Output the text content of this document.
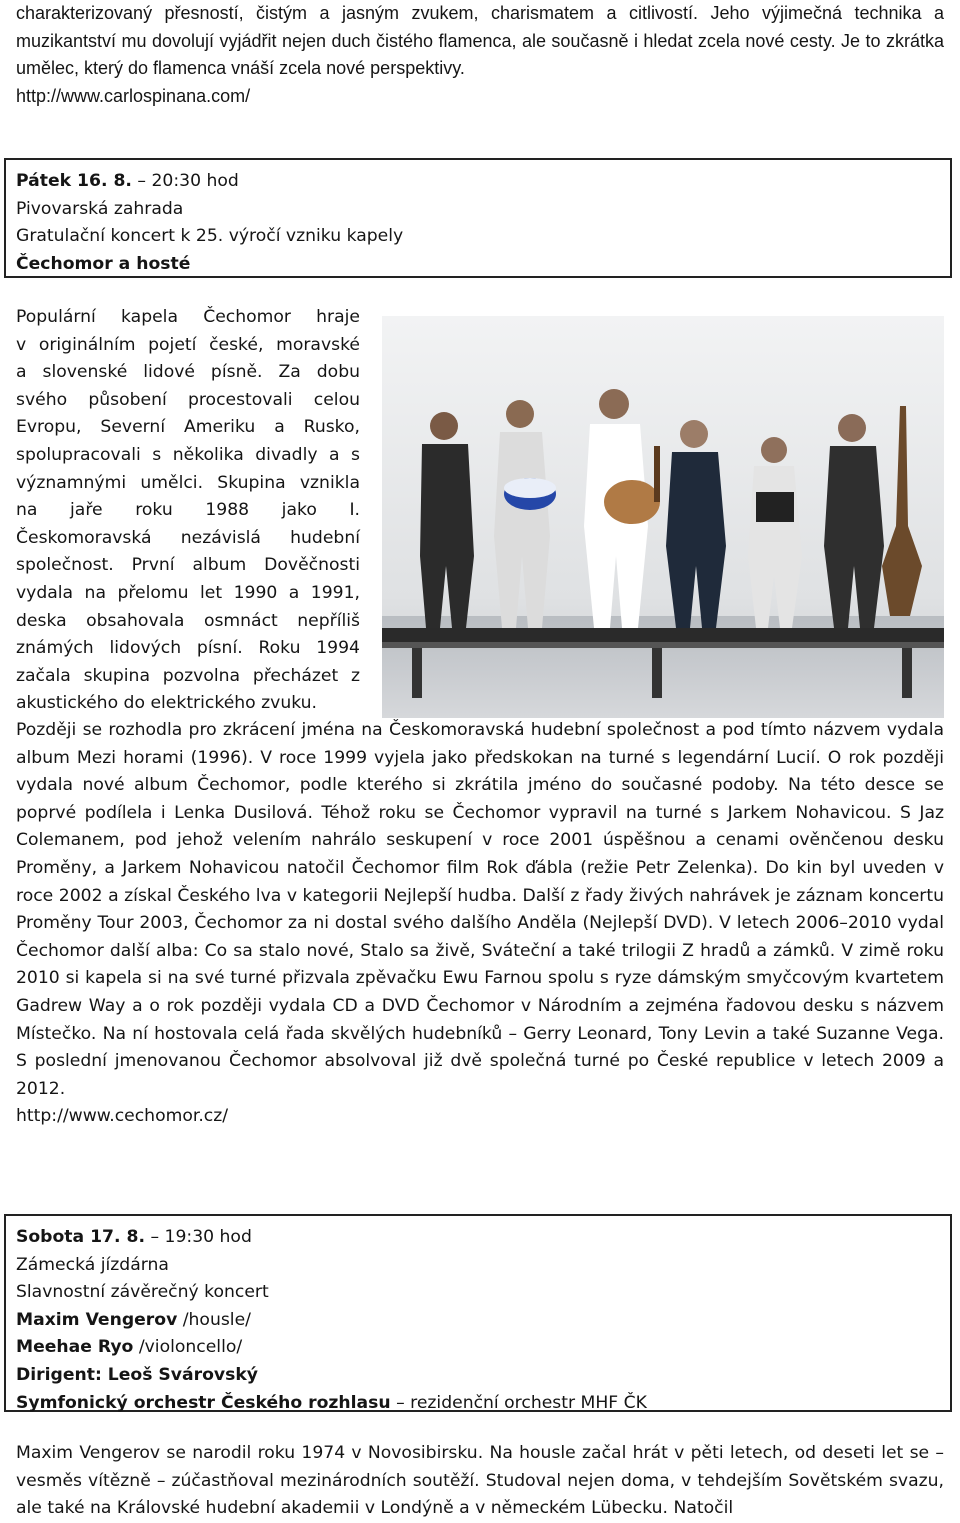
charakterizovaný přesností, čistým a jasným zvukem, charismatem a citlivostí. Jeho výjimečná technika a muzikantství mu dovolují vyjádřit nejen duch čistého flamenca, ale současně i hledat zcela nové cesty. Je to zkrátka umělec, který do flamenca vnáší zcela nové perspektivy.
http://www.carlospinana.com/
Pátek 16. 8. – 20:30 hod
Pivovarská zahrada
Gratulační koncert k 25. výročí vzniku kapely
Čechomor a hosté
Populární kapela Čechomor hraje
v originálním pojetí české, moravské
a slovenské lidové písně. Za dobu
svého působení procestovali celou
Evropu, Severní Ameriku a Rusko,
spolupracovali s několika divadly a s
významnými umělci. Skupina vznikla
na jaře roku 1988 jako I.
Českomoravská nezávislá hudební
společnost. První album Dověčnosti
vydala na přelomu let 1990 a 1991,
deska obsahovala osmnáct nepříliš
známých lidových písní. Roku 1994
začala skupina pozvolna přecházet z
akustického do elektrického zvuku.
Později se rozhodla pro zkrácení jména na Českomoravská hudební společnost a pod tímto názvem vydala album Mezi horami (1996). V roce 1999 vyjela jako předskokan na turné s legendární Lucií. O rok později vydala nové album Čechomor, podle kterého si zkrátila jméno do současné podoby. Na této desce se poprvé podílela i Lenka Dusilová. Téhož roku se Čechomor vypravil na turné s Jarkem Nohavicou. S Jaz Colemanem, pod jehož velením nahrálo seskupení v roce 2001 úspěšnou a cenami ověnčenou desku Proměny, a Jarkem Nohavicou natočil Čechomor film Rok ďábla (režie Petr Zelenka). Do kin byl uveden v roce 2002 a získal Českého lva v kategorii Nejlepší hudba. Další z řady živých nahrávek je záznam koncertu Proměny Tour 2003, Čechomor za ni dostal svého dalšího Anděla (Nejlepší DVD). V letech 2006–2010 vydal Čechomor další alba: Co sa stalo nové, Stalo sa živě, Sváteční a také trilogii Z hradů a zámků. V zimě roku 2010 si kapela si na své turné přizvala zpěvačku Ewu Farnou spolu s ryze dámským smyčcovým kvartetem Gadrew Way a o rok později vydala CD a DVD Čechomor v Národním a zejména řadovou desku s názvem Místečko. Na ní hostovala celá řada skvělých hudebníků – Gerry Leonard, Tony Levin a také Suzanne Vega. S poslední jmenovanou Čechomor absolvoval již dvě společná turné po České republice v letech 2009 a 2012.
http://www.cechomor.cz/
Sobota 17. 8. – 19:30 hod
Zámecká jízdárna
Slavnostní závěrečný koncert
Maxim Vengerov /housle/
Meehae Ryo /violoncello/
Dirigent: Leoš Svárovský
Symfonický orchestr Českého rozhlasu – rezidenční orchestr MHF ČK
Maxim Vengerov se narodil roku 1974 v Novosibirsku. Na housle začal hrát v pěti letech, od deseti let se – vesměs vítězně – zúčastňoval mezinárodních soutěží. Studoval nejen doma, v tehdejším Sovětském svazu, ale také na Královské hudební akademii v Londýně a v německém Lübecku. Natočil
